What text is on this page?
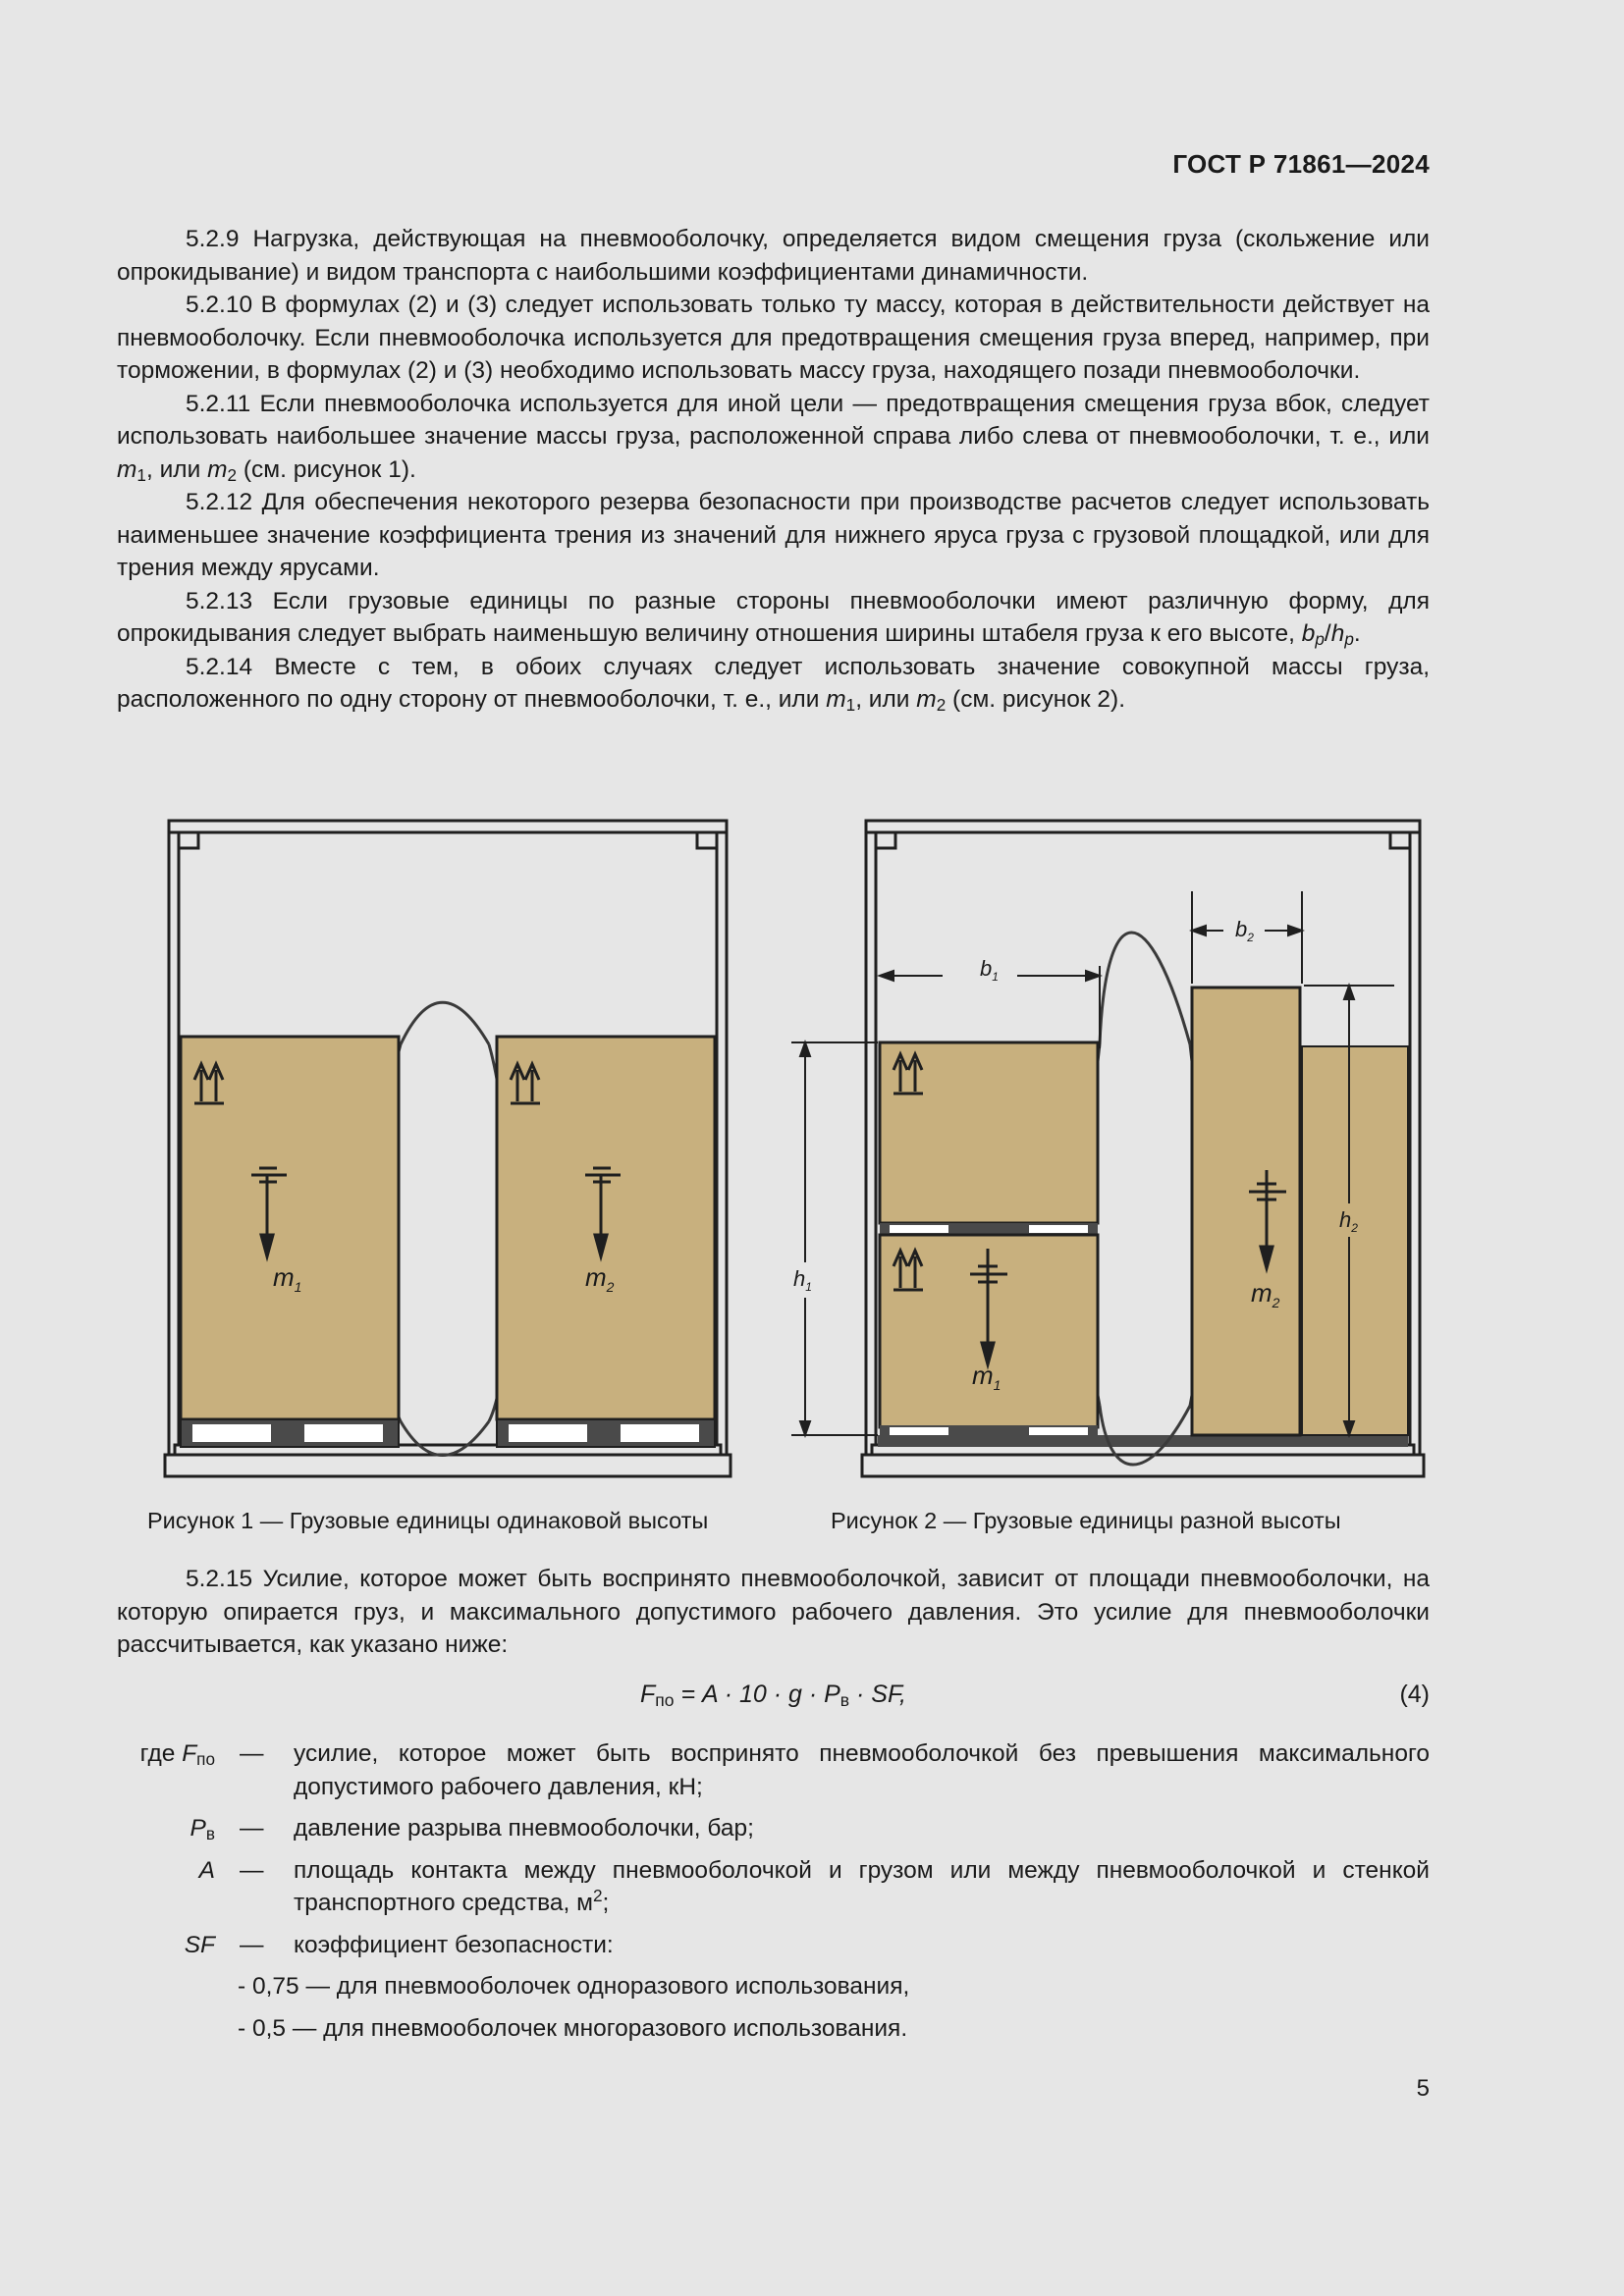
ГОСТ Р 71861—2024

5.2.9 Нагрузка, действующая на пневмооболочку, определяется видом смещения груза (скольжение или опрокидывание) и видом транспорта с наибольшими коэффициентами динамичности.

5.2.10 В формулах (2) и (3) следует использовать только ту массу, которая в действительности действует на пневмооболочку. Если пневмооболочка используется для предотвращения смещения груза вперед, например, при торможении, в формулах (2) и (3) необходимо использовать массу груза, находящего позади пневмооболочки.

5.2.11 Если пневмооболочка используется для иной цели — предотвращения смещения груза вбок, следует использовать наибольшее значение массы груза, расположенной справа либо слева от пневмооболочки, т. е., или $m_1$, или $m_2$ (см. рисунок 1).

5.2.12 Для обеспечения некоторого резерва безопасности при производстве расчетов следует использовать наименьшее значение коэффициента трения из значений для нижнего яруса груза с грузовой площадкой, или для трения между ярусами.

5.2.13 Если грузовые единицы по разные стороны пневмооболочки имеют различную форму, для опрокидывания следует выбрать наименьшую величину отношения ширины штабеля груза к его высоте, $b_p/h_p$.

5.2.14 Вместе с тем, в обоих случаях следует использовать значение совокупной массы груза, расположенного по одну сторону от пневмооболочки, т. е., или $m_1$, или $m_2$ (см. рисунок 2).

$m_1$	$m_2$
Рисунок 1 — Грузовые единицы одинаковой высоты
$m_1$
$m_2$
$b_1$
$b_2$
$h_1$
$h_2$
Рисунок 2 — Грузовые единицы разной высоты

5.2.15 Усилие, которое может быть воспринято пневмооболочкой, зависит от площади пневмооболочки, на которую опирается груз, и максимального допустимого рабочего давления. Это усилие для пневмооболочки рассчитывается, как указано ниже:

$F_{по} = A \cdot 10 \cdot g \cdot P_в$ · SF,	(4)
где $F_{по}$ — усилие, которое может быть воспринято пневмооболочкой без превышения максимального допустимого рабочего давления, кН;
$P_в$ — давление разрыва пневмооболочки, бар;
A — площадь контакта между пневмооболочкой и грузом или между пневмооболочкой и стенкой транспортного средства, $м^2$;
SF — коэффициент безопасности:
- 0,75 — для пневмооболочек одноразового использования,
- 0,5 — для пневмооболочек многоразового использования.
5
